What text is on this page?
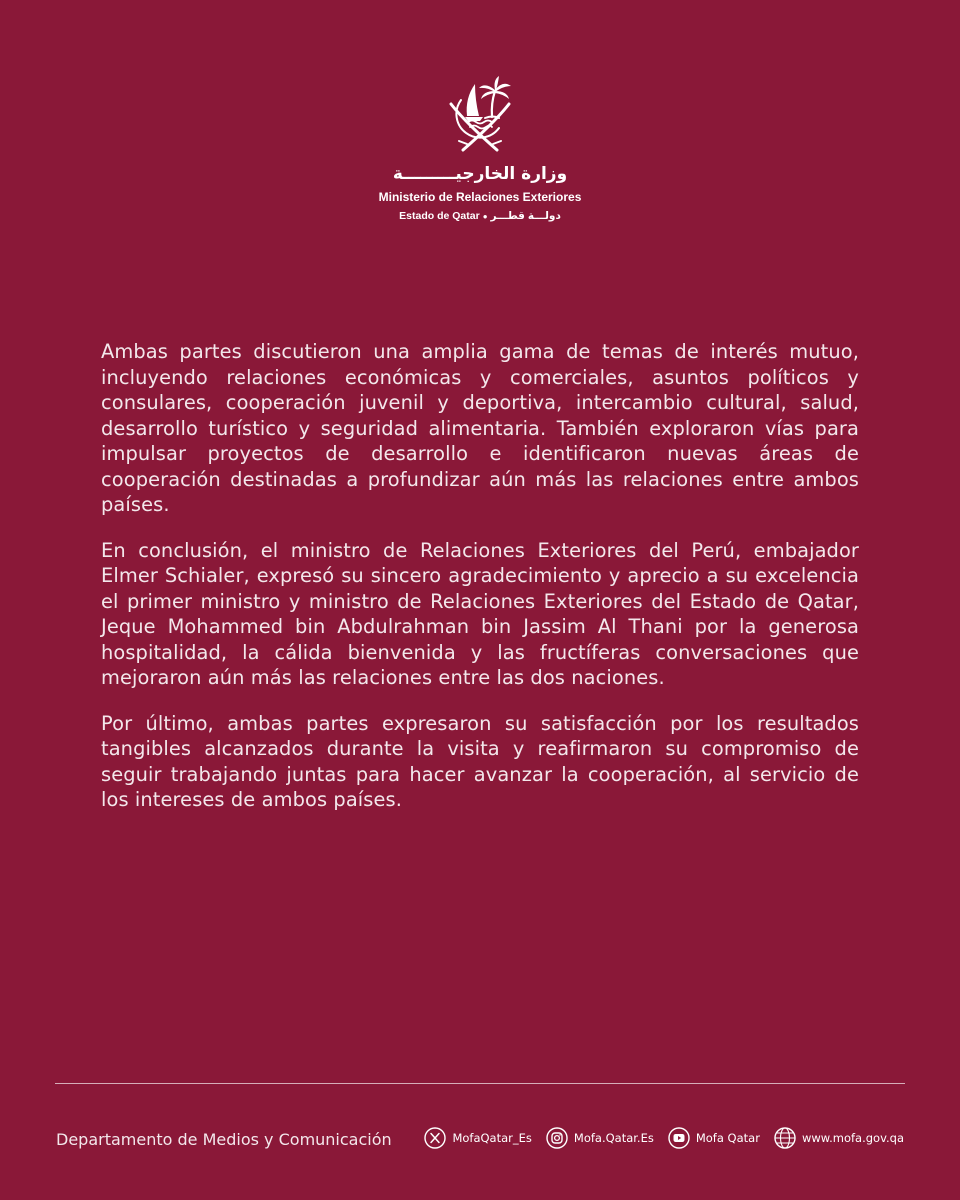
وزارة الخارجيـــــــــة
Ministerio de Relaciones Exteriores
Estado de Qatar ● دولـــة قطـــر

Ambas partes discutieron una amplia gama de temas de interés mutuo, incluyendo relaciones económicas y comerciales, asuntos políticos y consulares, cooperación juvenil y deportiva, intercambio cultural, salud, desarrollo turístico y seguridad alimentaria. También exploraron vías para impulsar proyectos de desarrollo e identificaron nuevas áreas de cooperación destinadas a profundizar aún más las relaciones entre ambos países.

En conclusión, el ministro de Relaciones Exteriores del Perú, embajador Elmer Schialer, expresó su sincero agradecimiento y aprecio a su excelencia el primer ministro y ministro de Relaciones Exteriores del Estado de Qatar, Jeque Mohammed bin Abdulrahman bin Jassim Al Thani por la generosa hospitalidad, la cálida bienvenida y las fructíferas conversaciones que mejoraron aún más las relaciones entre las dos naciones.

Por último, ambas partes expresaron su satisfacción por los resultados tangibles alcanzados durante la visita y reafirmaron su compromiso de seguir trabajando juntas para hacer avanzar la cooperación, al servicio de los intereses de ambos países.

Departamento de Medios y Comunicación	MofaQatar_Es	Mofa.Qatar.Es	Mofa Qatar	www.mofa.gov.qa
